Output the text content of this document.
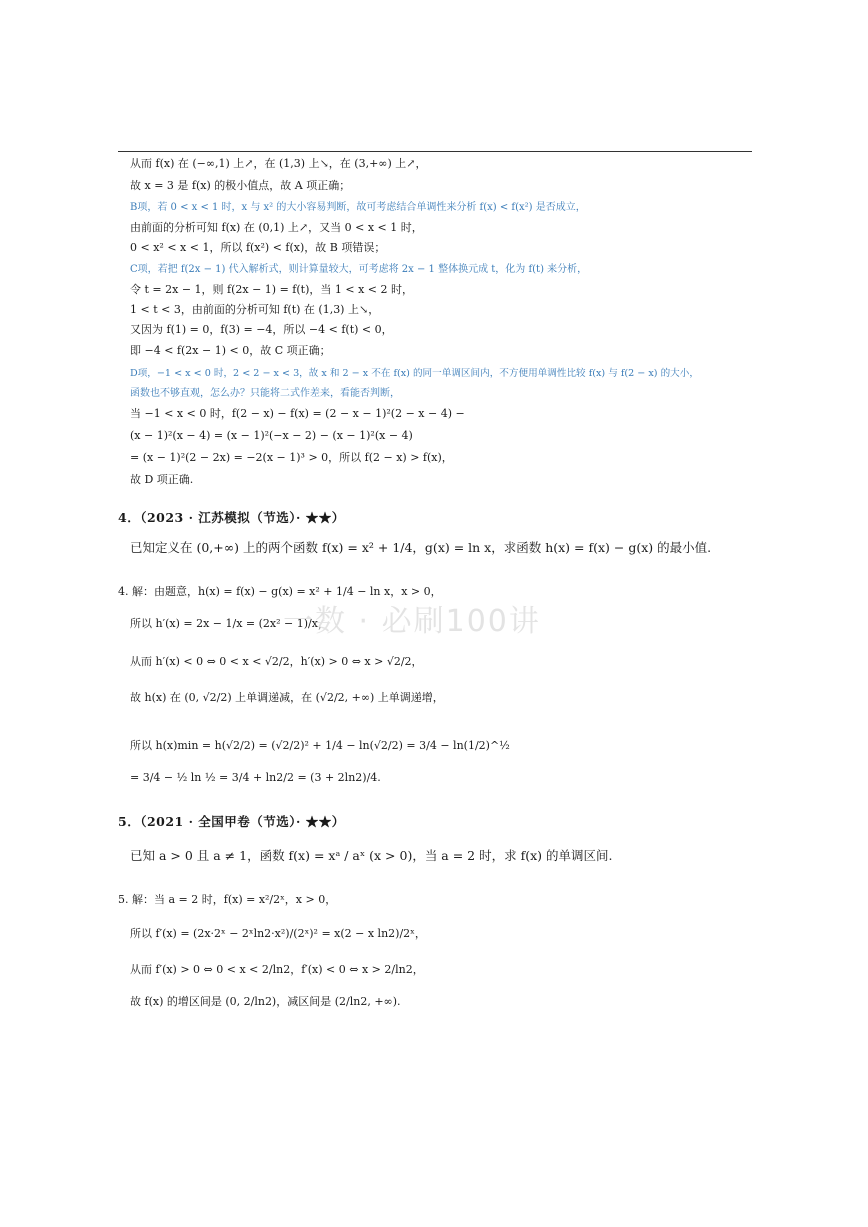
从而 f(x) 在 (−∞,1) 上↗，在 (1,3) 上↘，在 (3,+∞) 上↗，
故 x = 3 是 f(x) 的极小值点，故 A 项正确；
B项，若 0 < x < 1 时，x 与 x² 的大小容易判断，故可考虑结合单调性来分析 f(x) < f(x²) 是否成立，
由前面的分析可知 f(x) 在 (0,1) 上↗，又当 0 < x < 1 时，
0 < x² < x < 1，所以 f(x²) < f(x)，故 B 项错误；
C项，若把 f(2x − 1) 代入解析式，则计算量较大，可考虑将 2x − 1 整体换元成 t，化为 f(t) 来分析，
令 t = 2x − 1，则 f(2x − 1) = f(t)，当 1 < x < 2 时，
1 < t < 3，由前面的分析可知 f(t) 在 (1,3) 上↘，
又因为 f(1) = 0，f(3) = −4，所以 −4 < f(t) < 0，
即 −4 < f(2x − 1) < 0，故 C 项正确；
D项，−1 < x < 0 时，2 < 2 − x < 3，故 x 和 2 − x 不在 f(x) 的同一单调区间内，不方便用单调性比较 f(x) 与 f(2 − x) 的大小，
函数也不够直观，怎么办？只能将二式作差来，看能否判断，
当 −1 < x < 0 时，f(2 − x) − f(x) = (2 − x − 1)²(2 − x − 4) −
(x − 1)²(x − 4) = (x − 1)²(−x − 2) − (x − 1)²(x − 4)
= (x − 1)²(2 − 2x) = −2(x − 1)³ > 0，所以 f(2 − x) > f(x)，
故 D 项正确.
4．（2023 · 江苏模拟（节选）· ★★）
已知定义在 (0,+∞) 上的两个函数 f(x) = x² + 1/4，g(x) = ln x，求函数 h(x) = f(x) − g(x) 的最小值.
4. 解：由题意，h(x) = f(x) − g(x) = x² + 1/4 − ln x，x > 0，
所以 h′(x) = 2x − 1/x = (2x² − 1)/x，
从而 h′(x) < 0 ⇔ 0 < x < √2/2，h′(x) > 0 ⇔ x > √2/2，
故 h(x) 在 (0, √2/2) 上单调递减，在 (√2/2, +∞) 上单调递增，
所以 h(x)min = h(√2/2) = (√2/2)² + 1/4 − ln(√2/2) = 3/4 − ln(1/2)^½
= 3/4 − ½ ln ½ = 3/4 + ln2/2 = (3 + 2ln2)/4.
5．（2021 · 全国甲卷（节选）· ★★）
已知 a > 0 且 a ≠ 1，函数 f(x) = xᵃ / aˣ (x > 0)，当 a = 2 时，求 f(x) 的单调区间.
5. 解：当 a = 2 时，f(x) = x²/2ˣ，x > 0，
所以 f′(x) = (2x·2ˣ − 2ˣln2·x²)/(2ˣ)² = x(2 − x ln2)/2ˣ，
从而 f′(x) > 0 ⇔ 0 < x < 2/ln2，f′(x) < 0 ⇔ x > 2/ln2，
故 f(x) 的增区间是 (0, 2/ln2)，减区间是 (2/ln2, +∞).
一数 · 必刷100讲
